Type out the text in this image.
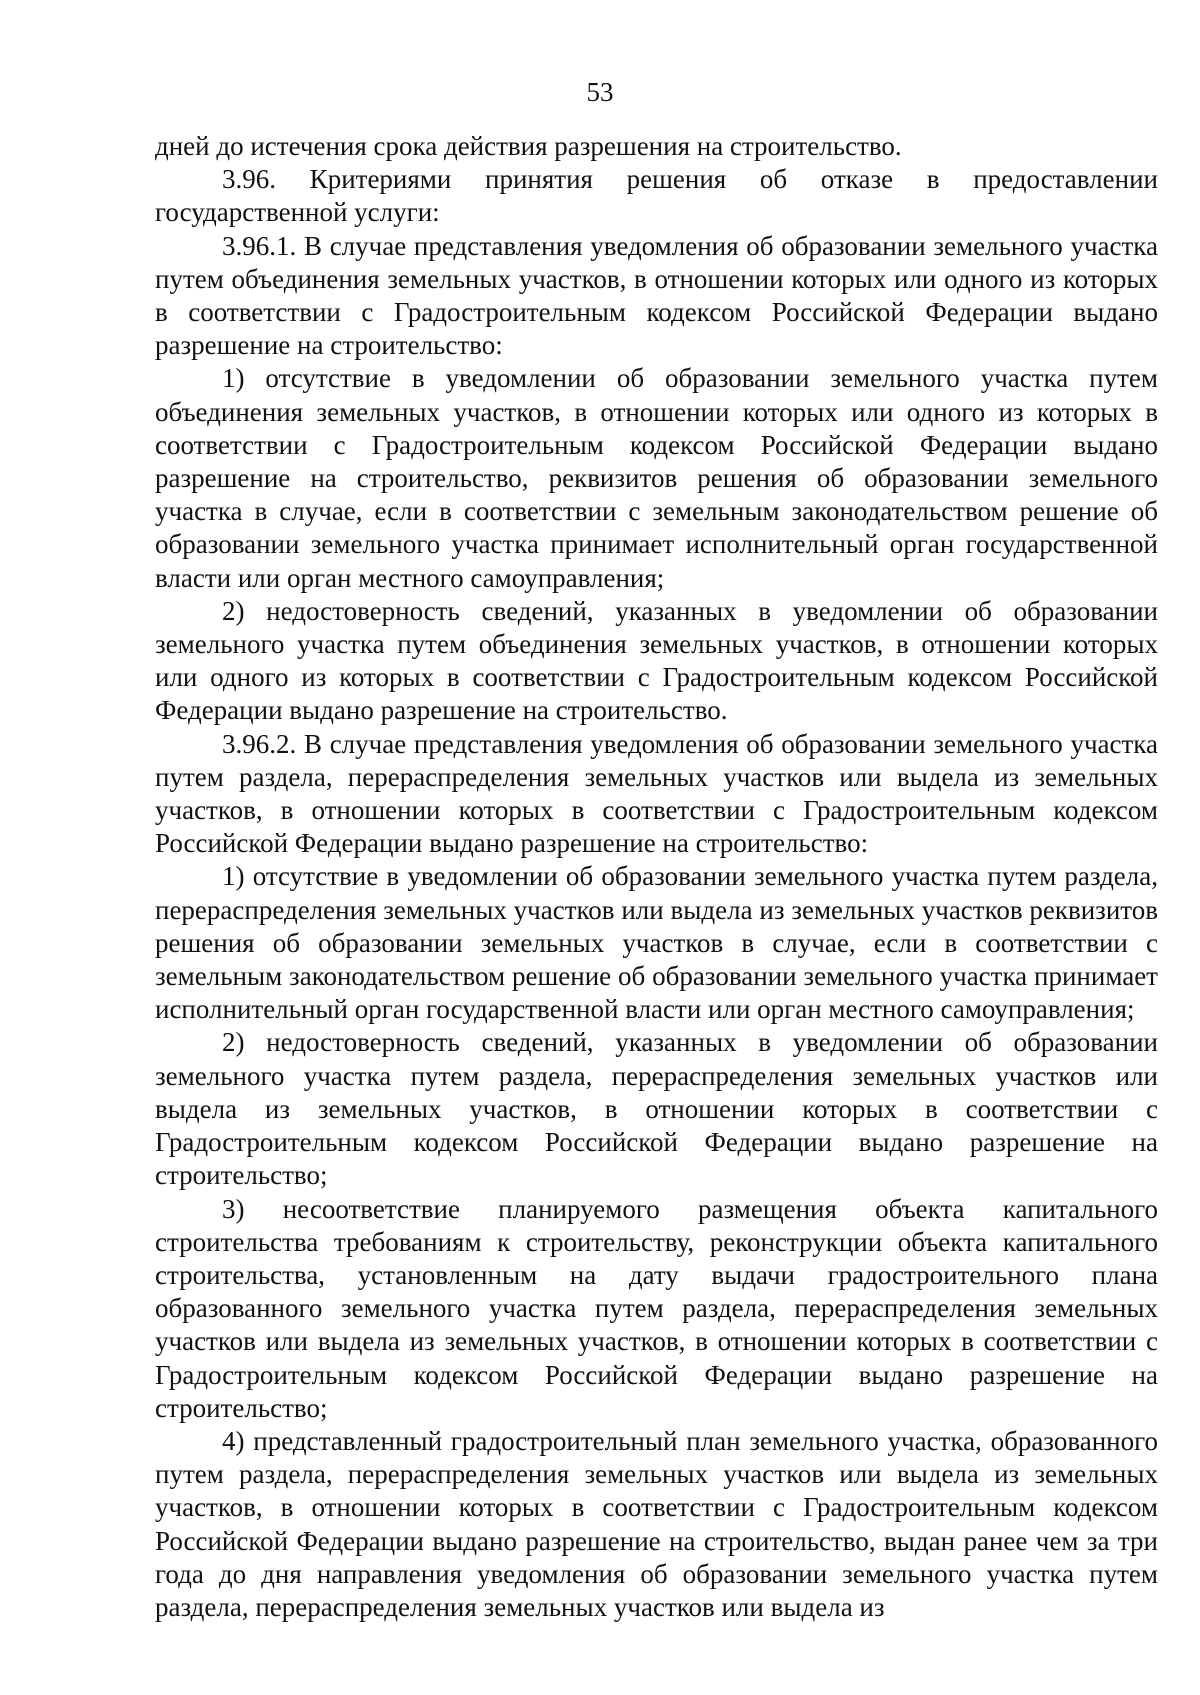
53

дней до истечения срока действия разрешения на строительство.

3.96. Критериями принятия решения об отказе в предоставлении государственной услуги:

3.96.1. В случае представления уведомления об образовании земельного участка путем объединения земельных участков, в отношении которых или одного из которых в соответствии с Градостроительным кодексом Российской Федерации выдано разрешение на строительство:

1) отсутствие в уведомлении об образовании земельного участка путем объединения земельных участков, в отношении которых или одного из которых в соответствии с Градостроительным кодексом Российской Федерации выдано разрешение на строительство, реквизитов решения об образовании земельного участка в случае, если в соответствии с земельным законодательством решение об образовании земельного участка принимает исполнительный орган государственной власти или орган местного самоуправления;

2) недостоверность сведений, указанных в уведомлении об образовании земельного участка путем объединения земельных участков, в отношении которых или одного из которых в соответствии с Градостроительным кодексом Российской Федерации выдано разрешение на строительство.

3.96.2. В случае представления уведомления об образовании земельного участка путем раздела, перераспределения земельных участков или выдела из земельных участков, в отношении которых в соответствии с Градостроительным кодексом Российской Федерации выдано разрешение на строительство:

1) отсутствие в уведомлении об образовании земельного участка путем раздела, перераспределения земельных участков или выдела из земельных участков реквизитов решения об образовании земельных участков в случае, если в соответствии с земельным законодательством решение об образовании земельного участка принимает исполнительный орган государственной власти или орган местного самоуправления;

2) недостоверность сведений, указанных в уведомлении об образовании земельного участка путем раздела, перераспределения земельных участков или выдела из земельных участков, в отношении которых в соответствии с Градостроительным кодексом Российской Федерации выдано разрешение на строительство;

3) несоответствие планируемого размещения объекта капитального строительства требованиям к строительству, реконструкции объекта капитального строительства, установленным на дату выдачи градостроительного плана образованного земельного участка путем раздела, перераспределения земельных участков или выдела из земельных участков, в отношении которых в соответствии с Градостроительным кодексом Российской Федерации выдано разрешение на строительство;

4) представленный градостроительный план земельного участка, образованного путем раздела, перераспределения земельных участков или выдела из земельных участков, в отношении которых в соответствии с Градостроительным кодексом Российской Федерации выдано разрешение на строительство, выдан ранее чем за три года до дня направления уведомления об образовании земельного участка путем раздела, перераспределения земельных участков или выдела из
